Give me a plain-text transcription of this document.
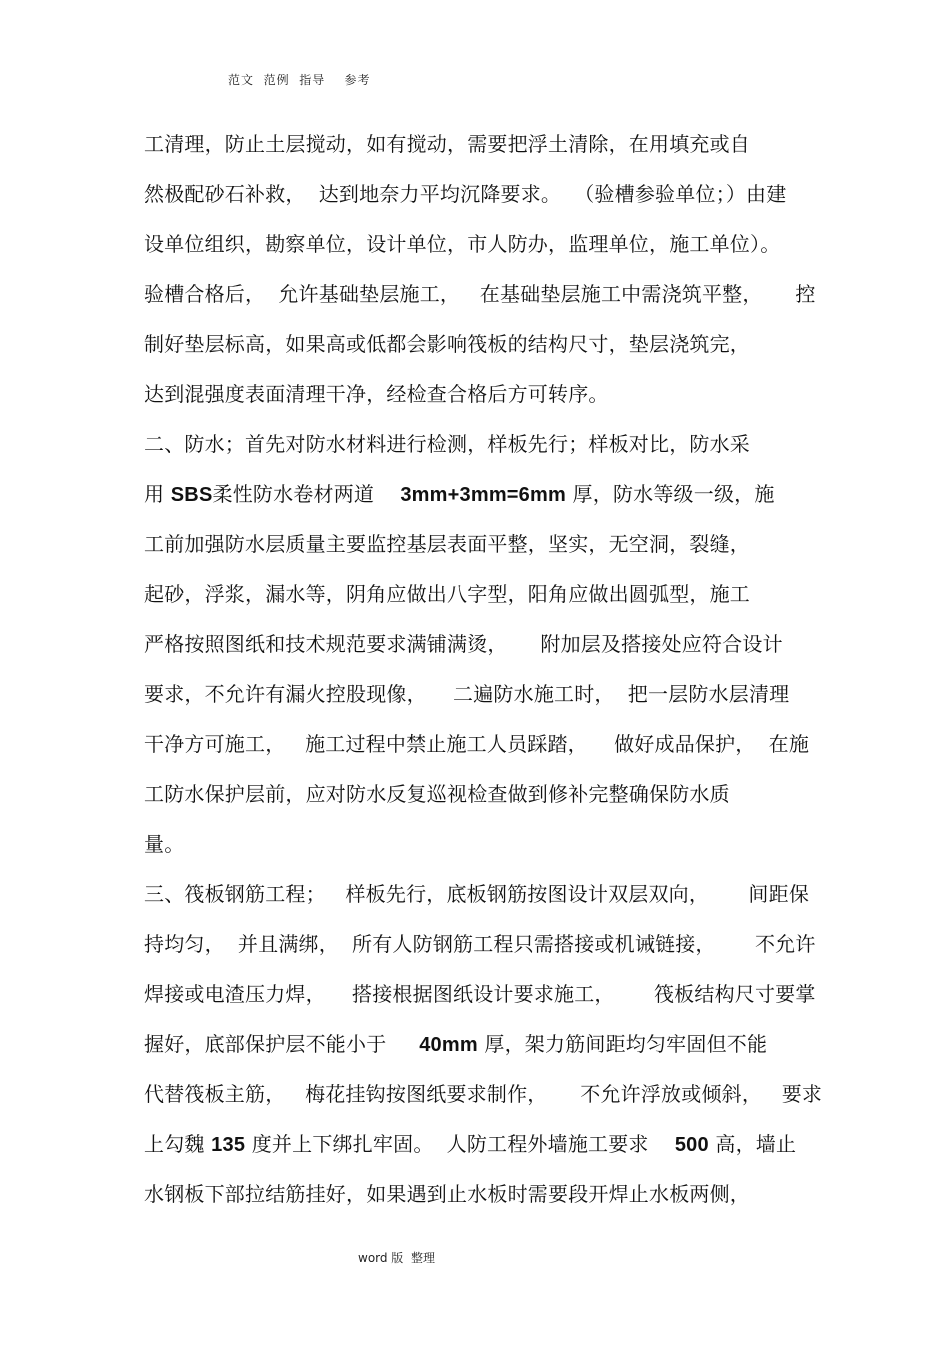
范文  范例  指导    参考
工清理，防止土层搅动，如有搅动，需要把浮土清除，在用填充或自
然极配砂石补救，  达到地奈力平均沉降要求。  （验槽参验单位；）由建
设单位组织，勘察单位，设计单位，市人防办，监理单位，施工单位）。
验槽合格后，  允许基础垫层施工，   在基础垫层施工中需浇筑平整，     控
制好垫层标高，如果高或低都会影响筏板的结构尺寸，垫层浇筑完，
达到混强度表面清理干净，经检查合格后方可转序。
二、防水；首先对防水材料进行检测，样板先行；样板对比，防水采
用 SBS柔性防水卷材两道    3mm+3mm=6mm 厚，防水等级一级，施
工前加强防水层质量主要监控基层表面平整，坚实，无空洞，裂缝，
起砂，浮浆，漏水等，阴角应做出八字型，阳角应做出圆弧型，施工
严格按照图纸和技术规范要求满铺满烫，     附加层及搭接处应符合设计
要求，不允许有漏火控股现像，    二遍防水施工时，  把一层防水层清理
干净方可施工，   施工过程中禁止施工人员踩踏，    做好成品保护，  在施
工防水保护层前，应对防水反复巡视检查做到修补完整确保防水质
量。
三、筏板钢筋工程；   样板先行，底板钢筋按图设计双层双向，      间距保
持均匀，  并且满绑，  所有人防钢筋工程只需搭接或机诫链接，      不允许
焊接或电渣压力焊，    搭接根据图纸设计要求施工，      筏板结构尺寸要掌
握好，底部保护层不能小于     40mm 厚，架力筋间距均匀牢固但不能
代替筏板主筋，   梅花挂钩按图纸要求制作，     不允许浮放或倾斜，   要求
上勾魏 135 度并上下绑扎牢固。  人防工程外墙施工要求    500 高，墙止
水钢板下部拉结筋挂好，如果遇到止水板时需要段开焊止水板两侧，
word 版  整理
